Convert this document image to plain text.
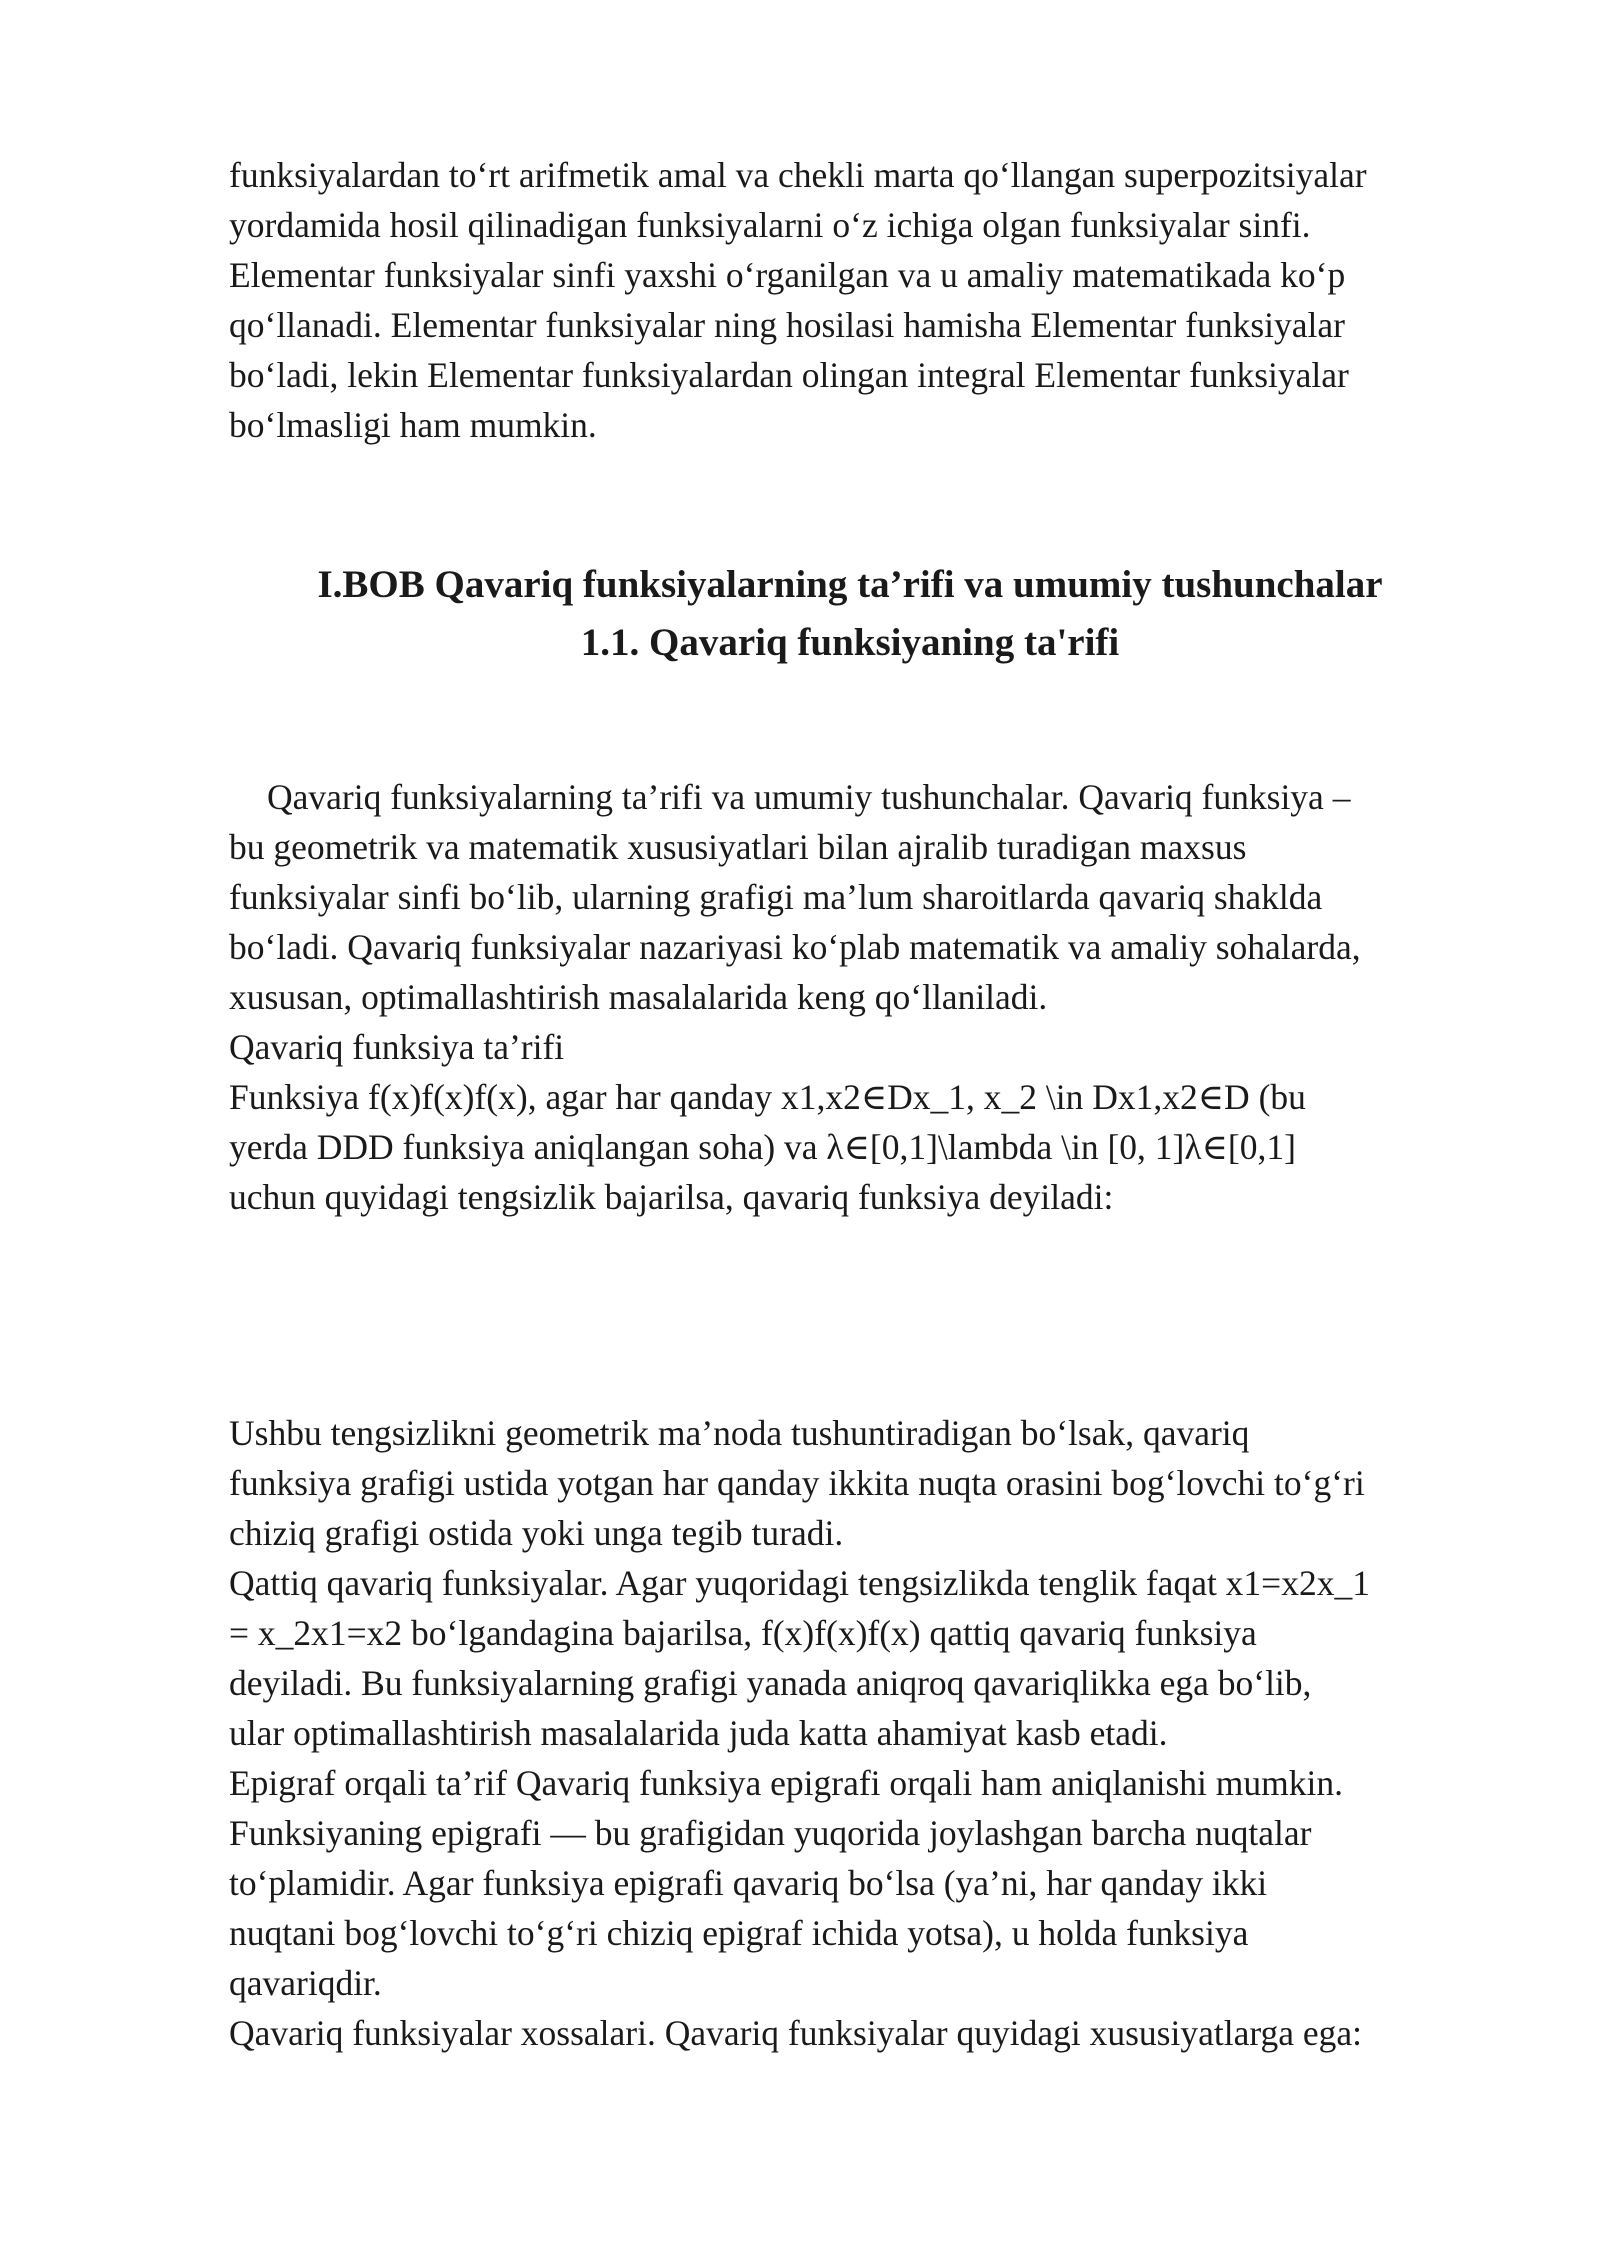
funksiyalardan to‘rt arifmetik amal va chekli marta qo‘llangan superpozitsiyalar

yordamida hosil qilinadigan funksiyalarni o‘z ichiga olgan funksiyalar sinfi.

Elementar funksiyalar sinfi yaxshi o‘rganilgan va u amaliy matematikada ko‘p

qo‘llanadi. Elementar funksiyalar ning hosilasi hamisha Elementar funksiyalar

bo‘ladi, lekin Elementar funksiyalardan olingan integral Elementar funksiyalar

bo‘lmasligi ham mumkin.

I.BOB Qavariq funksiyalarning ta’rifi va umumiy tushunchalar
1.1. Qavariq funksiyaning ta'rifi

Qavariq funksiyalarning ta’rifi va umumiy tushunchalar. Qavariq funksiya –

bu geometrik va matematik xususiyatlari bilan ajralib turadigan maxsus

funksiyalar sinfi bo‘lib, ularning grafigi ma’lum sharoitlarda qavariq shaklda

bo‘ladi. Qavariq funksiyalar nazariyasi ko‘plab matematik va amaliy sohalarda,

xususan, optimallashtirish masalalarida keng qo‘llaniladi.

Qavariq funksiya ta’rifi

Funksiya f(x)f(x)f(x), agar har qanday x1,x2∈Dx_1, x_2 \in Dx1,x2∈D (bu

yerda DDD funksiya aniqlangan soha) va λ∈[0,1]\lambda \in [0, 1]λ∈[0,1]

uchun quyidagi tengsizlik bajarilsa, qavariq funksiya deyiladi:

Ushbu tengsizlikni geometrik ma’noda tushuntiradigan bo‘lsak, qavariq

funksiya grafigi ustida yotgan har qanday ikkita nuqta orasini bog‘lovchi to‘g‘ri

chiziq grafigi ostida yoki unga tegib turadi.

Qattiq qavariq funksiyalar. Agar yuqoridagi tengsizlikda tenglik faqat x1=x2x_1

= x_2x1=x2 bo‘lgandagina bajarilsa, f(x)f(x)f(x) qattiq qavariq funksiya

deyiladi. Bu funksiyalarning grafigi yanada aniqroq qavariqlikka ega bo‘lib,

ular optimallashtirish masalalarida juda katta ahamiyat kasb etadi.

Epigraf orqali ta’rif Qavariq funksiya epigrafi orqali ham aniqlanishi mumkin.

Funksiyaning epigrafi — bu grafigidan yuqorida joylashgan barcha nuqtalar

to‘plamidir. Agar funksiya epigrafi qavariq bo‘lsa (ya’ni, har qanday ikki

nuqtani bog‘lovchi to‘g‘ri chiziq epigraf ichida yotsa), u holda funksiya

qavariqdir.

Qavariq funksiyalar xossalari. Qavariq funksiyalar quyidagi xususiyatlarga ega:
